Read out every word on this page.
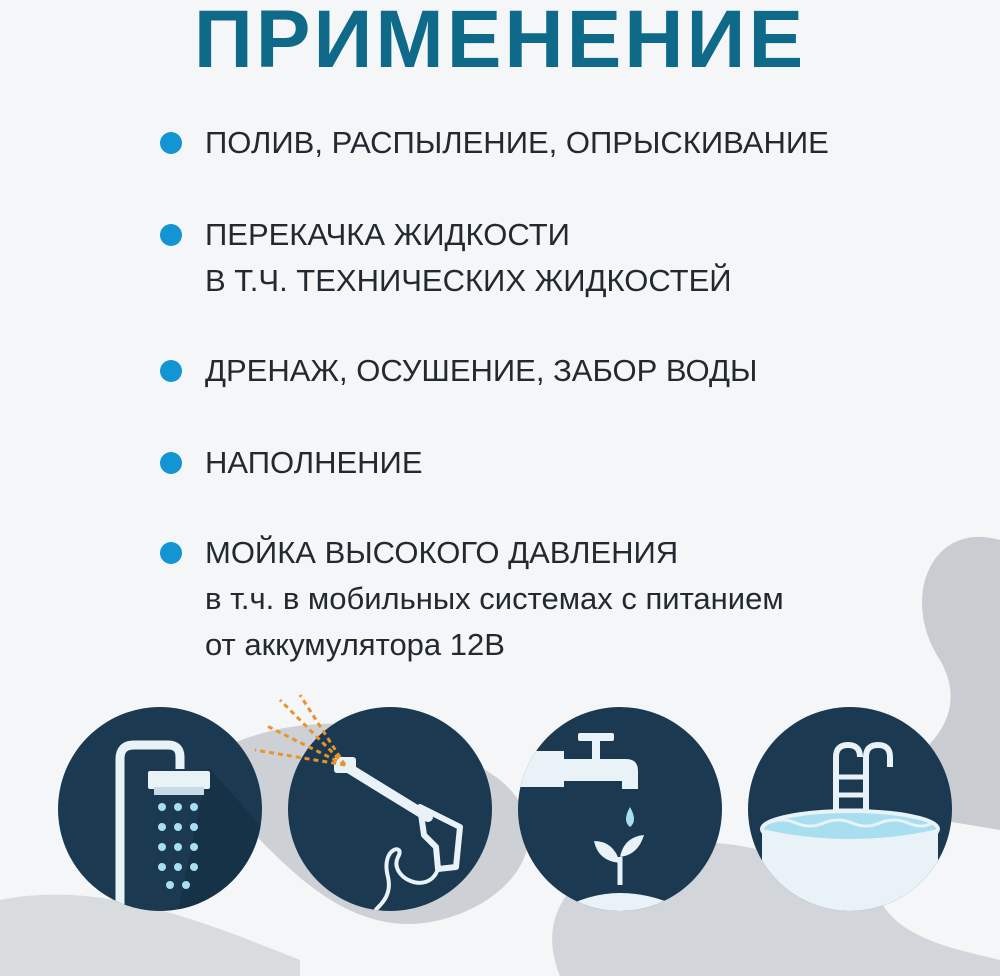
ПРИМЕНЕНИЕ
ПОЛИВ, РАСПЫЛЕНИЕ, ОПРЫСКИВАНИЕ
ПЕРЕКАЧКА ЖИДКОСТИ
В Т.Ч. ТЕХНИЧЕСКИХ ЖИДКОСТЕЙ
ДРЕНАЖ, ОСУШЕНИЕ, ЗАБОР ВОДЫ
НАПОЛНЕНИЕ
МОЙКА ВЫСОКОГО ДАВЛЕНИЯ
в т.ч. в мобильных системах с питанием
от аккумулятора 12В
